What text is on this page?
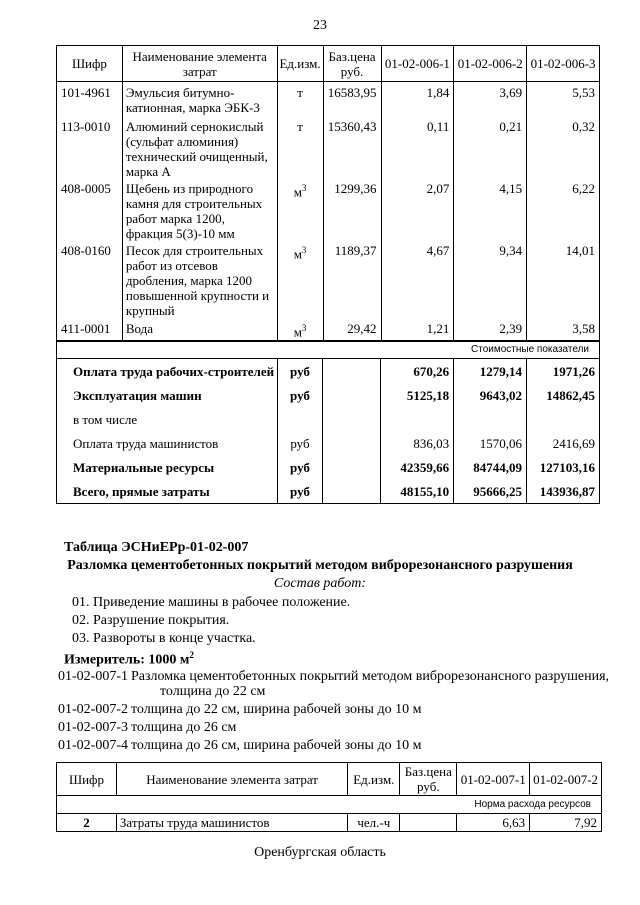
23
Шифр	Наименование элемента затрат	Ед.изм.	Баз.цена руб.	01-02-006-1	01-02-006-2	01-02-006-3
101-4961	Эмульсия битумно-катионная, марка ЭБК-3	т	16583,95	1,84	3,69	5,53
113-0010	Алюминий сернокислый (сульфат алюминия) технический очищенный, марка А	т	15360,43	0,11	0,21	0,32
408-0005	Щебень из природного камня для строительных работ марка 1200, фракция 5(3)-10 мм	$м^3$	1299,36	2,07	4,15	6,22
408-0160	Песок для строительных работ из отсевов дробления, марка 1200 повышенной крупности и крупный	$м^3$	1189,37	4,67	9,34	14,01
411-0001	Вода	$м^3$	29,42	1,21	2,39	3,58
Стоимостные показатели					
Оплата труда рабочих-строителей	руб		670,26	1279,14	1971,26
Эксплуатация машин	руб		5125,18	9643,02	14862,45
в том числе					
Оплата труда машинистов	руб		836,03	1570,06	2416,69
Материальные ресурсы	руб		42359,66	84744,09	127103,16
Всего, прямые затраты	руб		48155,10	95666,25	143936,87
Таблица ЭСНиЕРр-01-02-007
Разломка цементобетонных покрытий методом виброрезонансного разрушения
Состав работ:
01. Приведение машины в рабочее положение.
02. Разрушение покрытия.
03. Развороты в конце участка.
Измеритель: 1000 $м^2$
01-02-007-1 Разломка цементобетонных покрытий методом виброрезонансного разрушения,
толщина до 22 см
01-02-007-2 толщина до 22 см, ширина рабочей зоны до 10 м
01-02-007-3 толщина до 26 см
01-02-007-4 толщина до 26 см, ширина рабочей зоны до 10 м
Шифр	Наименование элемента затрат	Ед.изм.	Баз.цена руб.	01-02-007-1	01-02-007-2
Норма расхода ресурсов					
2	Затраты труда машинистов	чел.-ч		6,63	7,92
Оренбургская область
